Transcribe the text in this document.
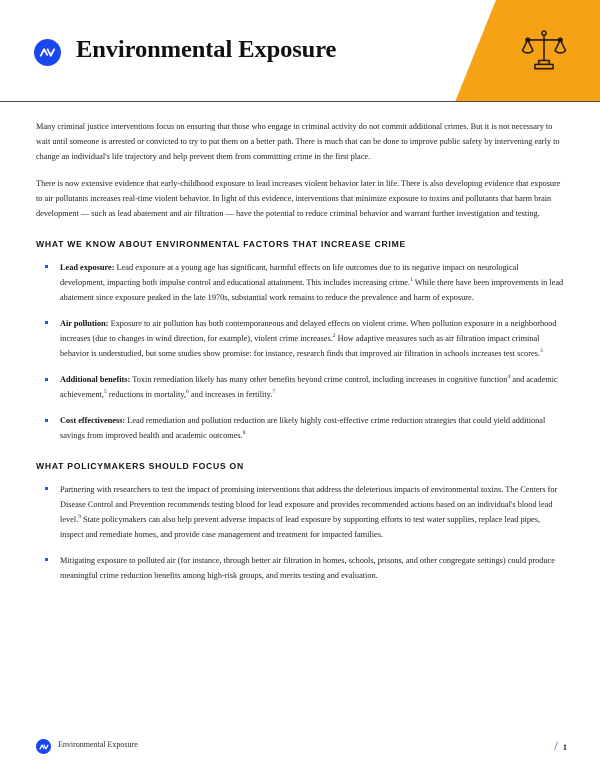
Environmental Exposure

Many criminal justice interventions focus on ensuring that those who engage in criminal activity do not commit additional crimes. But it is not necessary to wait until someone is arrested or convicted to try to put them on a better path. There is much that can be done to improve public safety by intervening early to change an individual's life trajectory and help prevent them from committing crime in the first place.

There is now extensive evidence that early-childhood exposure to lead increases violent behavior later in life. There is also developing evidence that exposure to air pollutants increases real-time violent behavior. In light of this evidence, interventions that minimize exposure to toxins and pollutants that harm brain development — such as lead abatement and air filtration — have the potential to reduce criminal behavior and warrant further investigation and testing.

WHAT WE KNOW ABOUT ENVIRONMENTAL FACTORS THAT INCREASE CRIME
Lead exposure: Lead exposure at a young age has significant, harmful effects on life outcomes due to its negative impact on neurological development, impacting both impulse control and educational attainment. This includes increasing crime.$^1$ While there have been improvements in lead abatement since exposure peaked in the late 1970s, substantial work remains to reduce the prevalence and harm of exposure.
Air pollution: Exposure to air pollution has both contemporaneous and delayed effects on violent crime. When pollution exposure in a neighborhood increases (due to changes in wind direction, for example), violent crime increases.$^2$ How adaptive measures such as air filtration impact criminal behavior is understudied, but some studies show promise: for instance, research finds that improved air filtration in schools increases test scores.$^3$
Additional benefits: Toxin remediation likely has many other benefits beyond crime control, including increases in cognitive function$^4$ and academic achievement,$^5$ reductions in mortality,$^6$ and increases in fertility.$^7$
Cost effectiveness: Lead remediation and pollution reduction are likely highly cost-effective crime reduction strategies that could yield additional savings from improved health and academic outcomes.$^8$
WHAT POLICYMAKERS SHOULD FOCUS ON
Partnering with researchers to test the impact of promising interventions that address the deleterious impacts of environmental toxins. The Centers for Disease Control and Prevention recommends testing blood for lead exposure and provides recommended actions based on an individual's blood lead level.$^9$ State policymakers can also help prevent adverse impacts of lead exposure by supporting efforts to test water supplies, replace lead pipes, inspect and remediate homes, and provide case management and treatment for impacted families.
Mitigating exposure to polluted air (for instance, through better air filtration in homes, schools, prisons, and other congregate settings) could produce meaningful crime reduction benefits among high-risk groups, and merits testing and evaluation.
Environmental Exposure	/ 1
